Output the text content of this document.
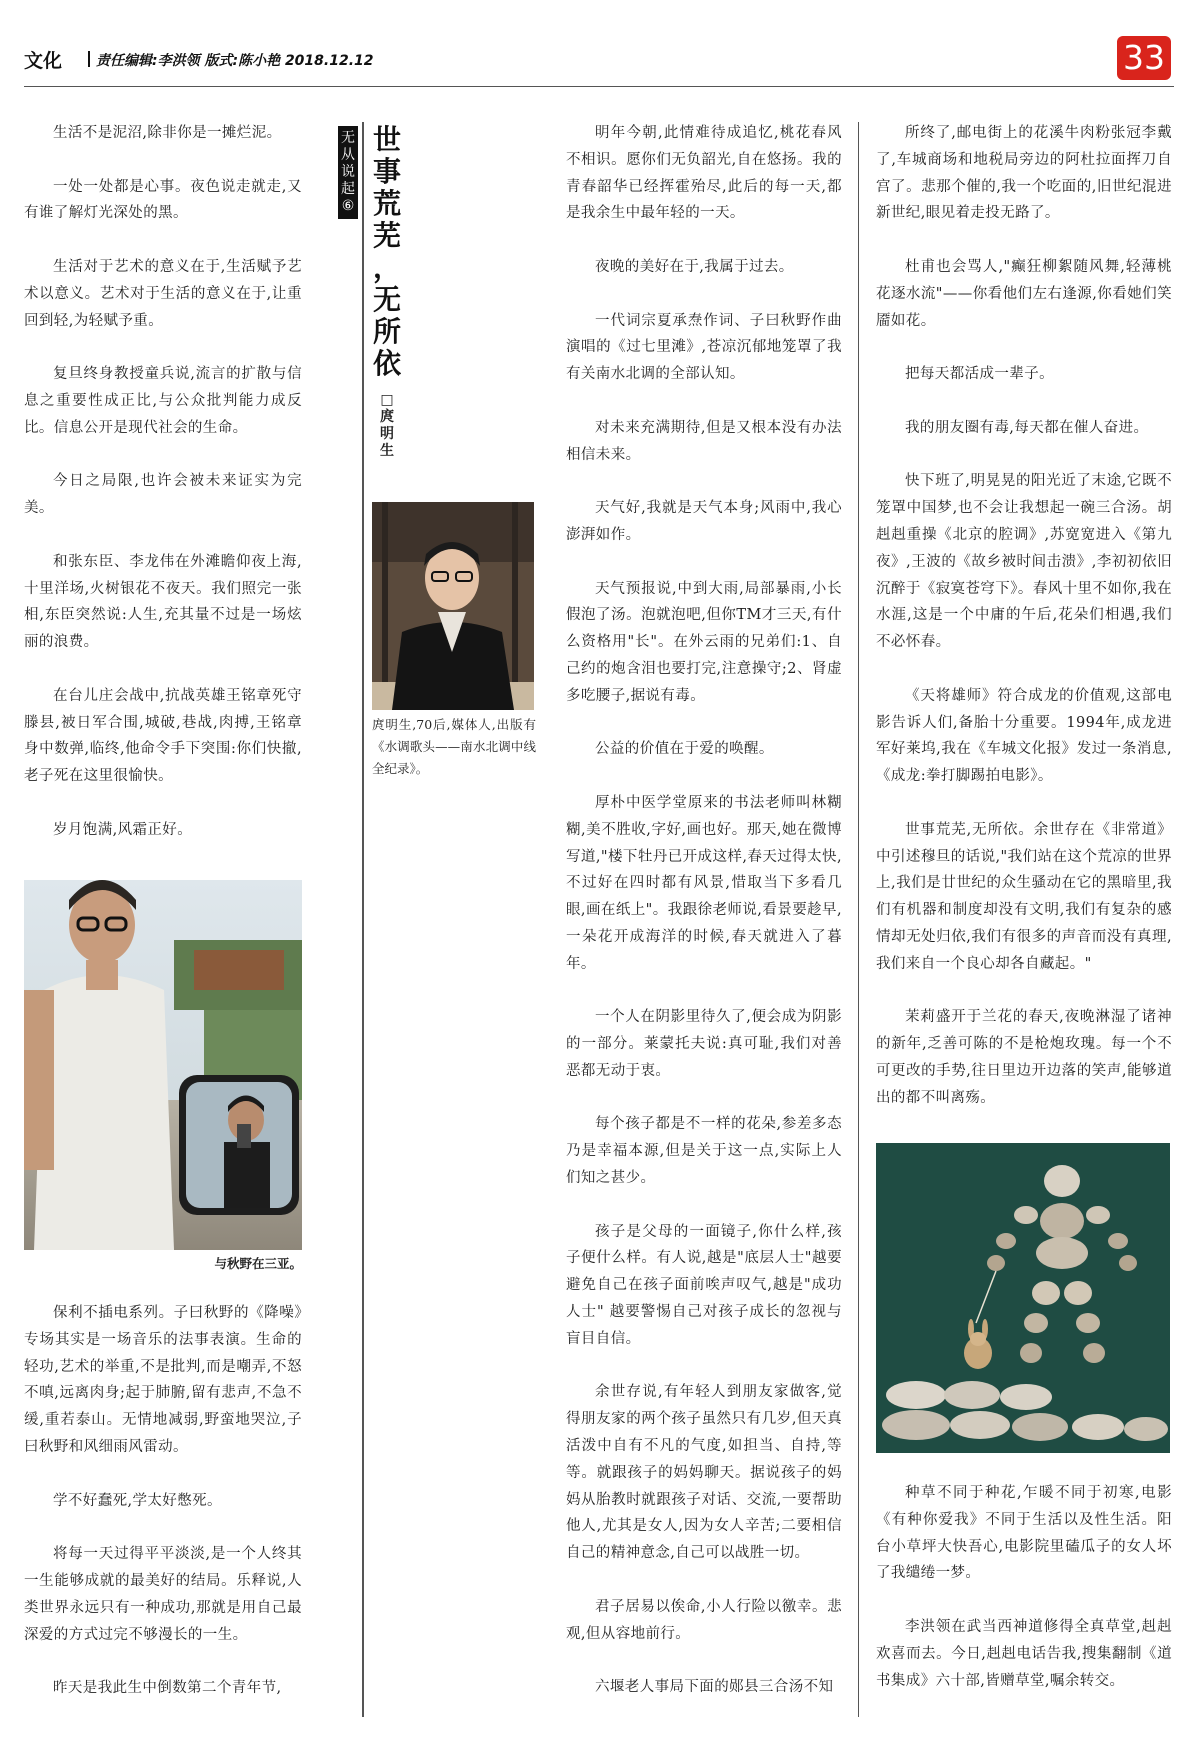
文化	责任编辑:李洪领 版式:陈小艳 2018.12.12	33

生活不是泥沼,除非你是一摊烂泥。

一处一处都是心事。夜色说走就走,又有谁了解灯光深处的黑。

生活对于艺术的意义在于,生活赋予艺术以意义。艺术对于生活的意义在于,让重回到轻,为轻赋予重。

复旦终身教授童兵说,流言的扩散与信息之重要性成正比,与公众批判能力成反比。信息公开是现代社会的生命。

今日之局限,也许会被未来证实为完美。

和张东臣、李龙伟在外滩瞻仰夜上海,十里洋场,火树银花不夜天。我们照完一张相,东臣突然说:人生,充其量不过是一场炫丽的浪费。

在台儿庄会战中,抗战英雄王铭章死守滕县,被日军合围,城破,巷战,肉搏,王铭章身中数弹,临终,他命令手下突围:你们快撤,老子死在这里很愉快。

岁月饱满,风霜正好。

与秋野在三亚。

保利不插电系列。子曰秋野的《降噪》专场其实是一场音乐的法事表演。生命的轻功,艺术的举重,不是批判,而是嘲弄,不怒不嗔,远离肉身;起于肺腑,留有悲声,不急不缓,重若泰山。无情地减弱,野蛮地哭泣,子曰秋野和风细雨风雷动。

学不好蠢死,学太好憋死。

将每一天过得平平淡淡,是一个人终其一生能够成就的最美好的结局。乐释说,人类世界永远只有一种成功,那就是用自己最深爱的方式过完不够漫长的一生。

昨天是我此生中倒数第二个青年节,

无
从
说
起
⑥
世
事
荒
芜
，
无
所
依
□
庹
明
生
庹明生,70后,媒体人,出版有《水调歌头——南水北调中线全纪录》。

明年今朝,此情难待成追忆,桃花春风不相识。愿你们无负韶光,自在悠扬。我的青春韶华已经挥霍殆尽,此后的每一天,都是我余生中最年轻的一天。

夜晚的美好在于,我属于过去。

一代词宗夏承焘作词、子曰秋野作曲演唱的《过七里滩》,苍凉沉郁地笼罩了我有关南水北调的全部认知。

对未来充满期待,但是又根本没有办法相信未来。

天气好,我就是天气本身;风雨中,我心澎湃如作。

天气预报说,中到大雨,局部暴雨,小长假泡了汤。泡就泡吧,但你TM才三天,有什么资格用"长"。在外云雨的兄弟们:1、自己约的炮含泪也要打完,注意操守;2、肾虚多吃腰子,据说有毒。

公益的价值在于爱的唤醒。

厚朴中医学堂原来的书法老师叫林糊糊,美不胜收,字好,画也好。那天,她在微博写道,"楼下牡丹已开成这样,春天过得太快,不过好在四时都有风景,惜取当下多看几眼,画在纸上"。我跟徐老师说,看景要趁早,一朵花开成海洋的时候,春天就进入了暮年。

一个人在阴影里待久了,便会成为阴影的一部分。莱蒙托夫说:真可耻,我们对善恶都无动于衷。

每个孩子都是不一样的花朵,参差多态乃是幸福本源,但是关于这一点,实际上人们知之甚少。

孩子是父母的一面镜子,你什么样,孩子便什么样。有人说,越是"底层人士"越要避免自己在孩子面前唉声叹气,越是"成功人士" 越要警惕自己对孩子成长的忽视与盲目自信。

余世存说,有年轻人到朋友家做客,觉得朋友家的两个孩子虽然只有几岁,但天真活泼中自有不凡的气度,如担当、自持,等等。就跟孩子的妈妈聊天。据说孩子的妈妈从胎教时就跟孩子对话、交流,一要帮助他人,尤其是女人,因为女人辛苦;二要相信自己的精神意念,自己可以战胜一切。

君子居易以俟命,小人行险以徼幸。悲观,但从容地前行。

六堰老人事局下面的郧县三合汤不知

所终了,邮电街上的花溪牛肉粉张冠李戴了,车城商场和地税局旁边的阿杜拉面挥刀自宫了。悲那个催的,我一个吃面的,旧世纪混进新世纪,眼见着走投无路了。

杜甫也会骂人,"癫狂柳絮随风舞,轻薄桃花逐水流"——你看他们左右逢源,你看她们笑靥如花。

把每天都活成一辈子。

我的朋友圈有毒,每天都在催人奋进。

快下班了,明晃晃的阳光近了末途,它既不笼罩中国梦,也不会让我想起一碗三合汤。胡赳赳重操《北京的腔调》,苏宽宽进入《第九夜》,王波的《故乡被时间击溃》,李初初依旧沉醉于《寂寞苍穹下》。春风十里不如你,我在水涯,这是一个中庸的午后,花朵们相遇,我们不必怀春。

《天将雄师》符合成龙的价值观,这部电影告诉人们,备胎十分重要。1994年,成龙进军好莱坞,我在《车城文化报》发过一条消息,《成龙:拳打脚踢拍电影》。

世事荒芜,无所依。余世存在《非常道》中引述穆旦的话说,"我们站在这个荒凉的世界上,我们是廿世纪的众生骚动在它的黑暗里,我们有机器和制度却没有文明,我们有复杂的感情却无处归依,我们有很多的声音而没有真理,我们来自一个良心却各自藏起。"

茉莉盛开于兰花的春天,夜晚淋湿了诸神的新年,乏善可陈的不是枪炮玫瑰。每一个不可更改的手势,往日里边开边落的笑声,能够道出的都不叫离殇。

种草不同于种花,乍暖不同于初寒,电影《有种你爱我》不同于生活以及性生活。阳台小草坪大快吾心,电影院里磕瓜子的女人坏了我缱绻一梦。

李洪领在武当西神道修得全真草堂,赳赳欢喜而去。今日,赳赳电话告我,搜集翻制《道书集成》六十部,皆赠草堂,嘱余转交。
